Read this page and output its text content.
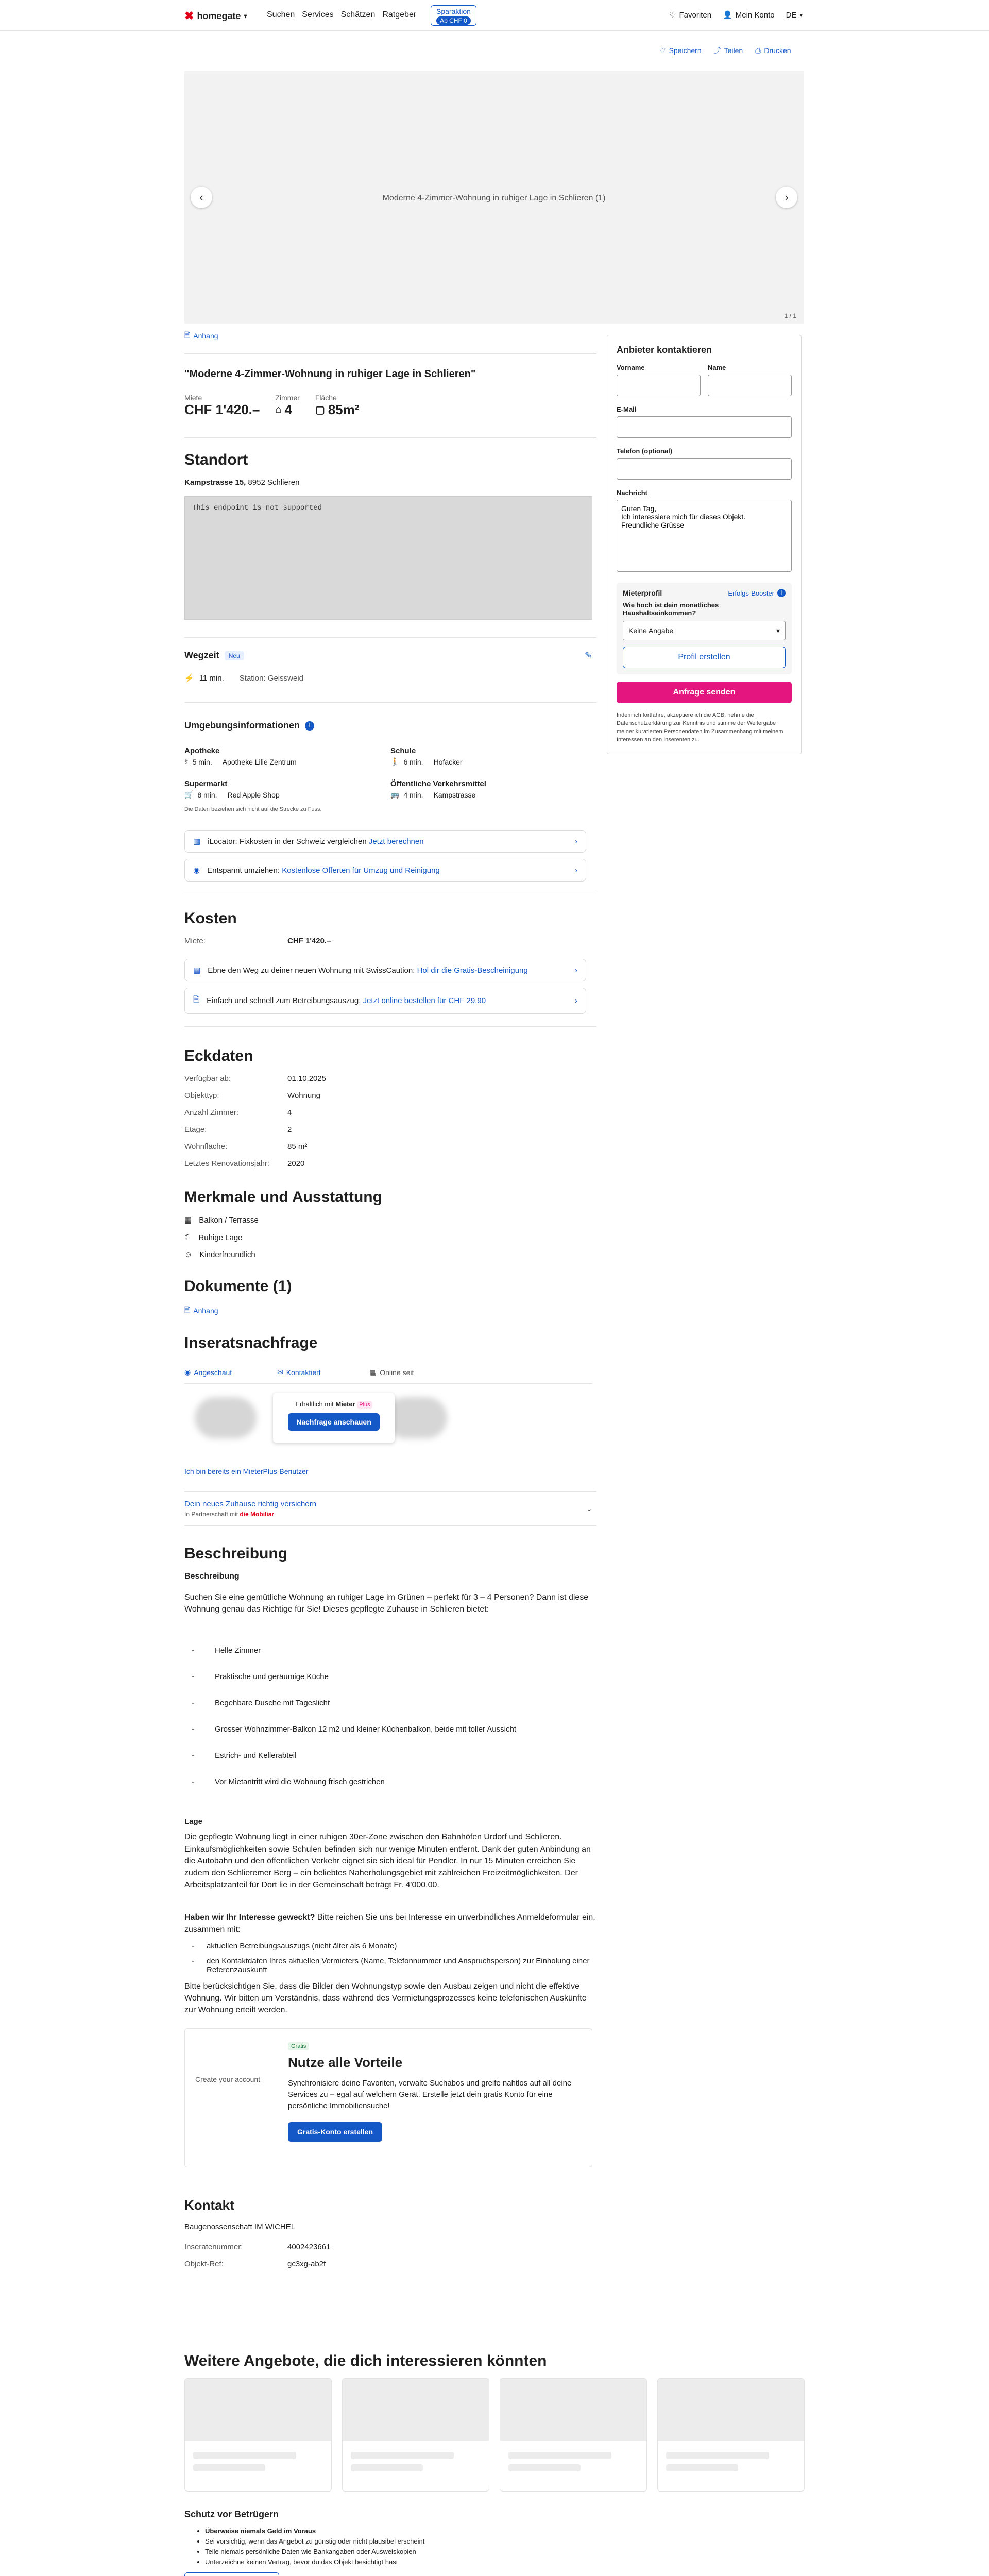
✖ homegate ▾ Suchen Services Schätzen Ratgeber	Sparaktion
Ab CHF 0
♡ Favoriten 👤 Mein Konto DE ▾
♡ Speichern ⤴ Teilen ⎙ Drucken
Moderne 4-Zimmer-Wohnung in ruhiger Lage in Schlieren (1)
‹	›
1 / 1
Anbieter kontaktieren
Vorname	Name
E-Mail
Telefon (optional)
Nachricht
Guten Tag, Ich interessiere mich für dieses Objekt. Freundliche Grüsse
Mieterprofil	Erfolgs-Booster	i
Wie hoch ist dein monatliches Haushaltseinkommen?
Keine Angabe	▾
Profil erstellen
Anfrage senden
Indem ich fortfahre, akzeptiere ich die AGB, nehme die Datenschutzerklärung zur Kenntnis und stimme der Weitergabe meiner kuratierten Personendaten im Zusammenhang mit meinem Interessen an den Inserenten zu.
🗎 Anhang
"Moderne 4-Zimmer-Wohnung in ruhiger Lage in Schlieren"
Miete
CHF 1'420.–
Zimmer
⌂ 4
Fläche
▢ 85m²
Standort
Kampstrasse 15, 8952 Schlieren
This endpoint is not supported
Wegzeit	Neu	✎
⚡ 11 min. Station: Geissweid
Umgebungsinformationen	i
Apotheke
⚕ 5 min. Apotheke Lilie Zentrum
Schule
🚶 6 min. Hofacker
Supermarkt
🛒 8 min. Red Apple Shop
Öffentliche Verkehrsmittel
🚌 4 min. Kampstrasse
Die Daten beziehen sich nicht auf die Strecke zu Fuss.
▥ iLocator: Fixkosten in der Schweiz vergleichen Jetzt berechnen	›
◉ Entspannt umziehen: Kostenlose Offerten für Umzug und Reinigung	›
Kosten
Miete:	CHF 1'420.–
▤ Ebne den Weg zu deiner neuen Wohnung mit SwissCaution: Hol dir die Gratis-Bescheinigung	›
🗎 Einfach und schnell zum Betreibungsauszug: Jetzt online bestellen für CHF 29.90	›
Eckdaten
Verfügbar ab:	01.10.2025
Objekttyp:	Wohnung
Anzahl Zimmer:	4
Etage:	2
Wohnfläche:	85 m²
Letztes Renovationsjahr:	2020
Merkmale und Ausstattung
▦ Balkon / Terrasse
☾ Ruhige Lage
☺ Kinderfreundlich
Dokumente (1)
🗎 Anhang
Inseratsnachfrage
◉ Angeschaut	✉ Kontaktiert	▦ Online seit
Erhältlich mit Mieter Plus
Nachfrage anschauen
Ich bin bereits ein MieterPlus-Benutzer
Dein neues Zuhause richtig versichern
In Partnerschaft mit die Mobiliar
⌄
Beschreibung
Beschreibung

Suchen Sie eine gemütliche Wohnung an ruhiger Lage im Grünen – perfekt für 3 – 4 Personen? Dann ist diese Wohnung genau das Richtige für Sie! Dieses gepflegte Zuhause in Schlieren bietet:

-	Helle Zimmer
-	Praktische und geräumige Küche
-	Begehbare Dusche mit Tageslicht
-	Grosser Wohnzimmer-Balkon 12 m2 und kleiner Küchenbalkon, beide mit toller Aussicht
-	Estrich- und Kellerabteil
-	Vor Mietantritt wird die Wohnung frisch gestrichen
Lage

Die gepflegte Wohnung liegt in einer ruhigen 30er-Zone zwischen den Bahnhöfen Urdorf und Schlieren. Einkaufsmöglichkeiten sowie Schulen befinden sich nur wenige Minuten entfernt. Dank der guten Anbindung an die Autobahn und den öffentlichen Verkehr eignet sie sich ideal für Pendler. In nur 15 Minuten erreichen Sie zudem den Schlieremer Berg – ein beliebtes Naherholungsgebiet mit zahlreichen Freizeitmöglichkeiten. Der Arbeitsplatzanteil für Dort lie in der Gemeinschaft beträgt Fr. 4'000.00.

Haben wir Ihr Interesse geweckt? Bitte reichen Sie uns bei Interesse ein unverbindliches Anmeldeformular ein, zusammen mit:

- aktuellen Betreibungsauszugs (nicht älter als 6 Monate)
- den Kontaktdaten Ihres aktuellen Vermieters (Name, Telefonnummer und Anspruchsperson) zur Einholung einer Referenzauskunft

Bitte berücksichtigen Sie, dass die Bilder den Wohnungstyp sowie den Ausbau zeigen und nicht die effektive Wohnung. Wir bitten um Verständnis, dass während des Vermietungsprozesses keine telefonischen Auskünfte zur Wohnung erteilt werden.

Create your account
Gratis
Nutze alle Vorteile

Synchronisiere deine Favoriten, verwalte Suchabos und greife nahtlos auf all deine Services zu – egal auf welchem Gerät. Erstelle jetzt dein gratis Konto für eine persönliche Immobiliensuche!

Gratis-Konto erstellen
Kontakt
Baugenossenschaft IM WICHEL
Inseratenummer:	4002423661
Objekt-Ref:	gc3xg-ab2f
Weitere Angebote, die dich interessieren könnten
Schutz vor Betrügern
• Überweise niemals Geld im Voraus
• Sei vorsichtig, wenn das Angebot zu günstig oder nicht plausibel erscheint
• Teile niemals persönliche Daten wie Bankangaben oder Ausweiskopien
• Unterzeichne keinen Vertrag, bevor du das Objekt besichtigt hast
